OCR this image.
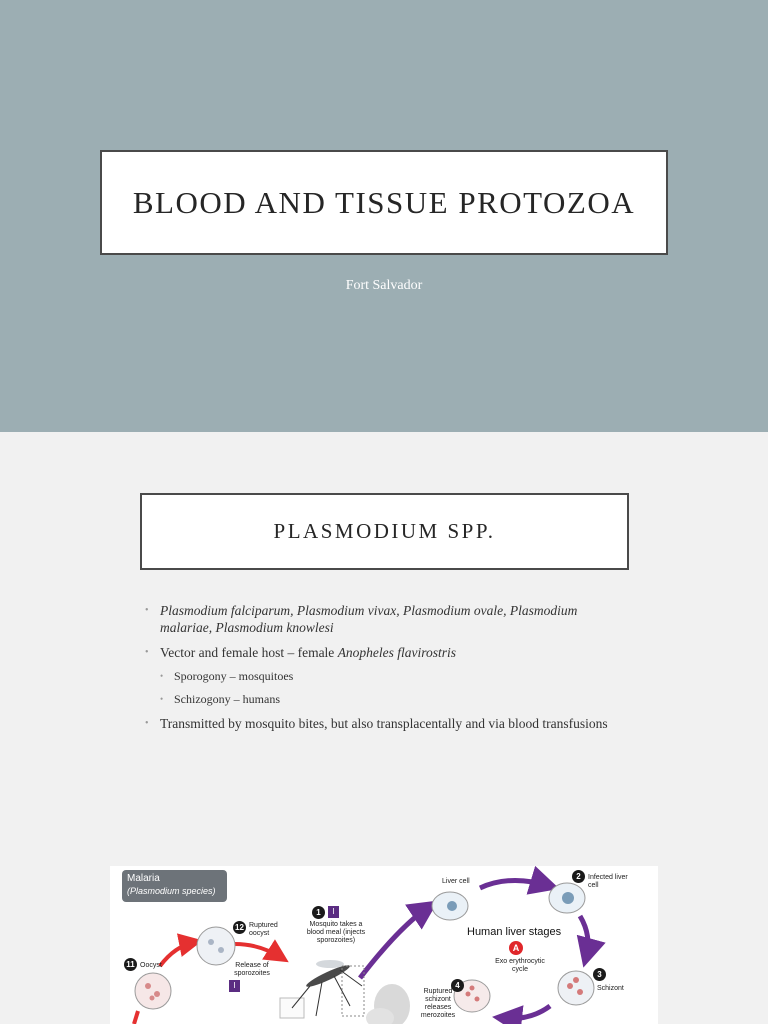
BLOOD AND TISSUE PROTOZOA
Fort Salvador
PLASMODIUM SPP.
• Plasmodium falciparum, Plasmodium vivax, Plasmodium ovale, Plasmodium malariae, Plasmodium knowlesi
• Vector and female host – female Anopheles flavirostris
• Sporogony – mosquitoes
• Schizogony – humans
• Transmitted by mosquito bites, but also transplacentally and via blood transfusions
Malaria
(Plasmodium species)
1	I
Mosquito takes a blood meal (injects sporozoites)
12 Ruptured oocyst
Release of sporozoites
I
11 Oocyst
Liver cell
2	Infected liver cell
Human liver stages
A
Exo erythrocytic cycle
3
Schizont
4
Ruptured schizont releases merozoites
